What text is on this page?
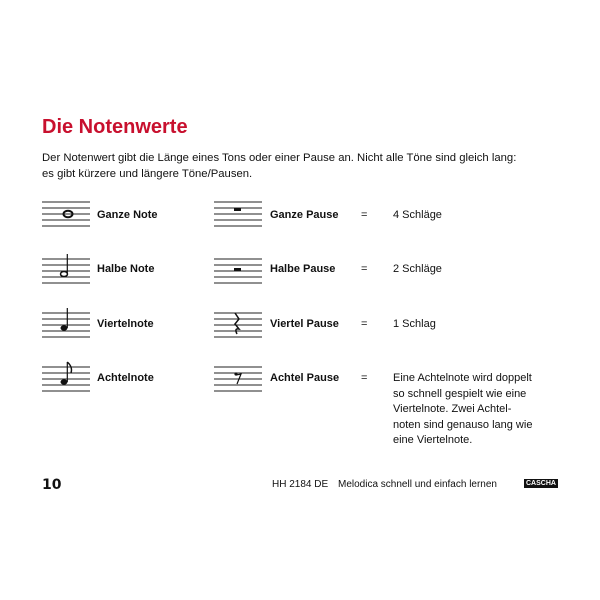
Die Notenwerte
Der Notenwert gibt die Länge eines Tons oder einer Pause an. Nicht alle Töne sind gleich lang:
es gibt kürzere und längere Töne/Pausen.
Ganze Note	Ganze Pause = 4 Schläge
Halbe Note	Halbe Pause = 2 Schläge
Viertelnote	Viertel Pause = 1 Schlag
Achtelnote	Achtel Pause = Eine Achtelnote wird doppelt
so schnell gespielt wie eine
Viertelnote. Zwei Achtel-
noten sind genauso lang wie
eine Viertelnote.
10	HH 2184 DE Melodica schnell und einfach lernen	CASCHA
